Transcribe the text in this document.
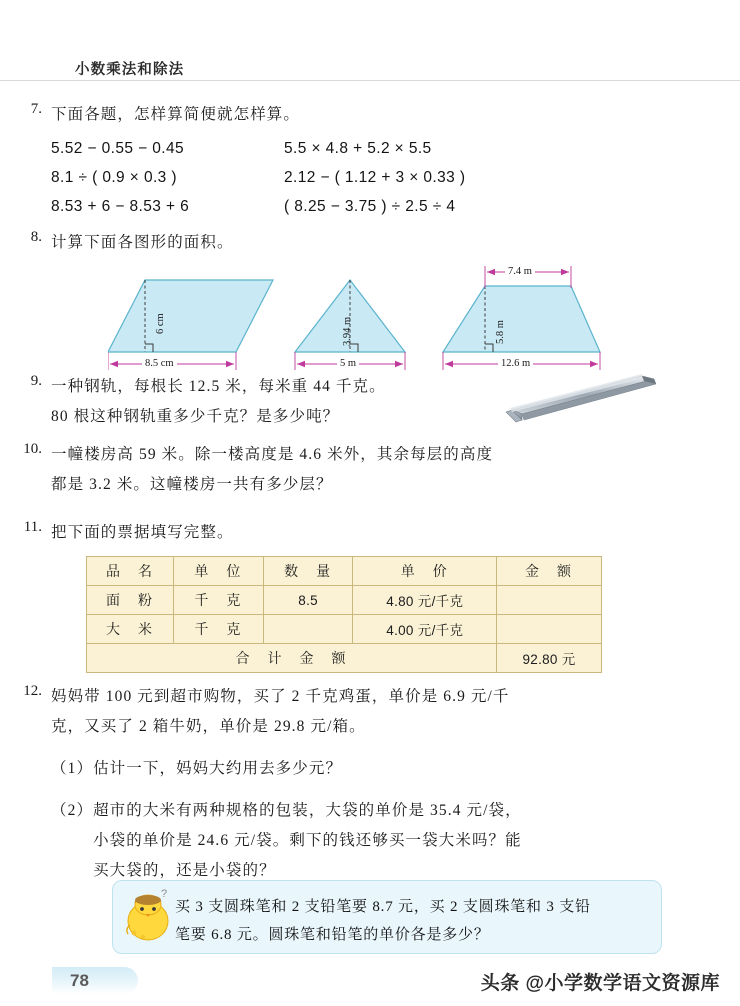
小数乘法和除法
7. 下面各题，怎样算简便就怎样算。
5.52 − 0.55 − 0.45	5.5 × 4.8 + 5.2 × 5.5
8.1 ÷ ( 0.9 × 0.3 )	2.12 − ( 1.12 + 3 × 0.33 )
8.53 + 6 − 8.53 + 6	( 8.25 − 3.75 ) ÷ 2.5 ÷ 4
8. 计算下面各图形的面积。
6 cm
8.5 cm
3.94 m
5 m
7.4 m
5.8 m
12.6 m
9. 一种钢轨，每根长 12.5 米，每米重 44 千克。
80 根这种钢轨重多少千克？是多少吨？
10. 一幢楼房高 59 米。除一楼高度是 4.6 米外，其余每层的高度
都是 3.2 米。这幢楼房一共有多少层？
11. 把下面的票据填写完整。
品　名	单　位	数　量	单　价	金　额
面　粉	千　克	8.5	4.80 元/千克	
大　米	千　克		4.00 元/千克	
合　计　金　额				92.80 元
12. 妈妈带 100 元到超市购物，买了 2 千克鸡蛋，单价是 6.9 元/千
克，又买了 2 箱牛奶，单价是 29.8 元/箱。
（1） 估计一下，妈妈大约用去多少元？
（2） 超市的大米有两种规格的包装，大袋的单价是 35.4 元/袋，
小袋的单价是 24.6 元/袋。剩下的钱还够买一袋大米吗？能
买大袋的，还是小袋的？
?
买 3 支圆珠笔和 2 支铅笔要 8.7 元，买 2 支圆珠笔和 3 支铅
笔要 6.8 元。圆珠笔和铅笔的单价各是多少？
78	头条 @小学数学语文资源库
